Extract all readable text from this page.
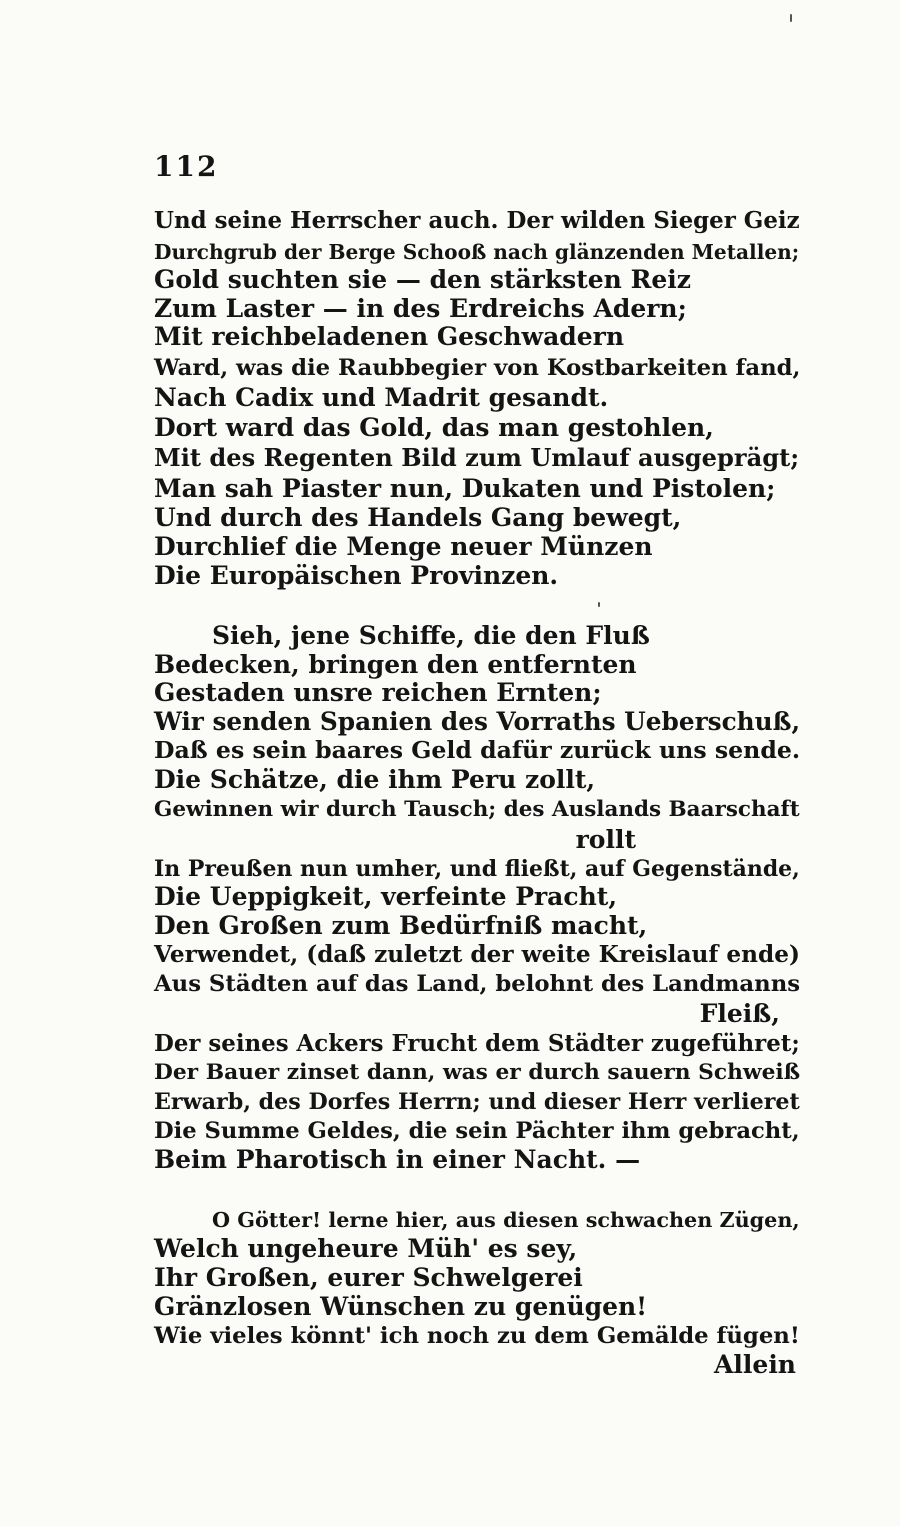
112
Und seine Herrscher auch. Der wilden Sieger Geiz
Durchgrub der Berge Schooß nach glänzenden Metallen;
Gold suchten sie — den stärksten Reiz
Zum Laster — in des Erdreichs Adern;
Mit reichbeladenen Geschwadern
Ward, was die Raubbegier von Kostbarkeiten fand,
Nach Cadix und Madrit gesandt.
Dort ward das Gold, das man gestohlen,
Mit des Regenten Bild zum Umlauf ausgeprägt;
Man sah Piaster nun, Dukaten und Pistolen;
Und durch des Handels Gang bewegt,
Durchlief die Menge neuer Münzen
Die Europäischen Provinzen.
Sieh, jene Schiffe, die den Fluß
Bedecken, bringen den entfernten
Gestaden unsre reichen Ernten;
Wir senden Spanien des Vorraths Ueberschuß,
Daß es sein baares Geld dafür zurück uns sende.
Die Schätze, die ihm Peru zollt,
Gewinnen wir durch Tausch; des Auslands Baarschaft
rollt
In Preußen nun umher, und fließt, auf Gegenstände,
Die Ueppigkeit, verfeinte Pracht,
Den Großen zum Bedürfniß macht,
Verwendet, (daß zuletzt der weite Kreislauf ende)
Aus Städten auf das Land, belohnt des Landmanns
Fleiß,
Der seines Ackers Frucht dem Städter zugeführet;
Der Bauer zinset dann, was er durch sauern Schweiß
Erwarb, des Dorfes Herrn; und dieser Herr verlieret
Die Summe Geldes, die sein Pächter ihm gebracht,
Beim Pharotisch in einer Nacht. —
O Götter! lerne hier, aus diesen schwachen Zügen,
Welch ungeheure Müh' es sey,
Ihr Großen, eurer Schwelgerei
Gränzlosen Wünschen zu genügen!
Wie vieles könnt' ich noch zu dem Gemälde fügen!
Allein
